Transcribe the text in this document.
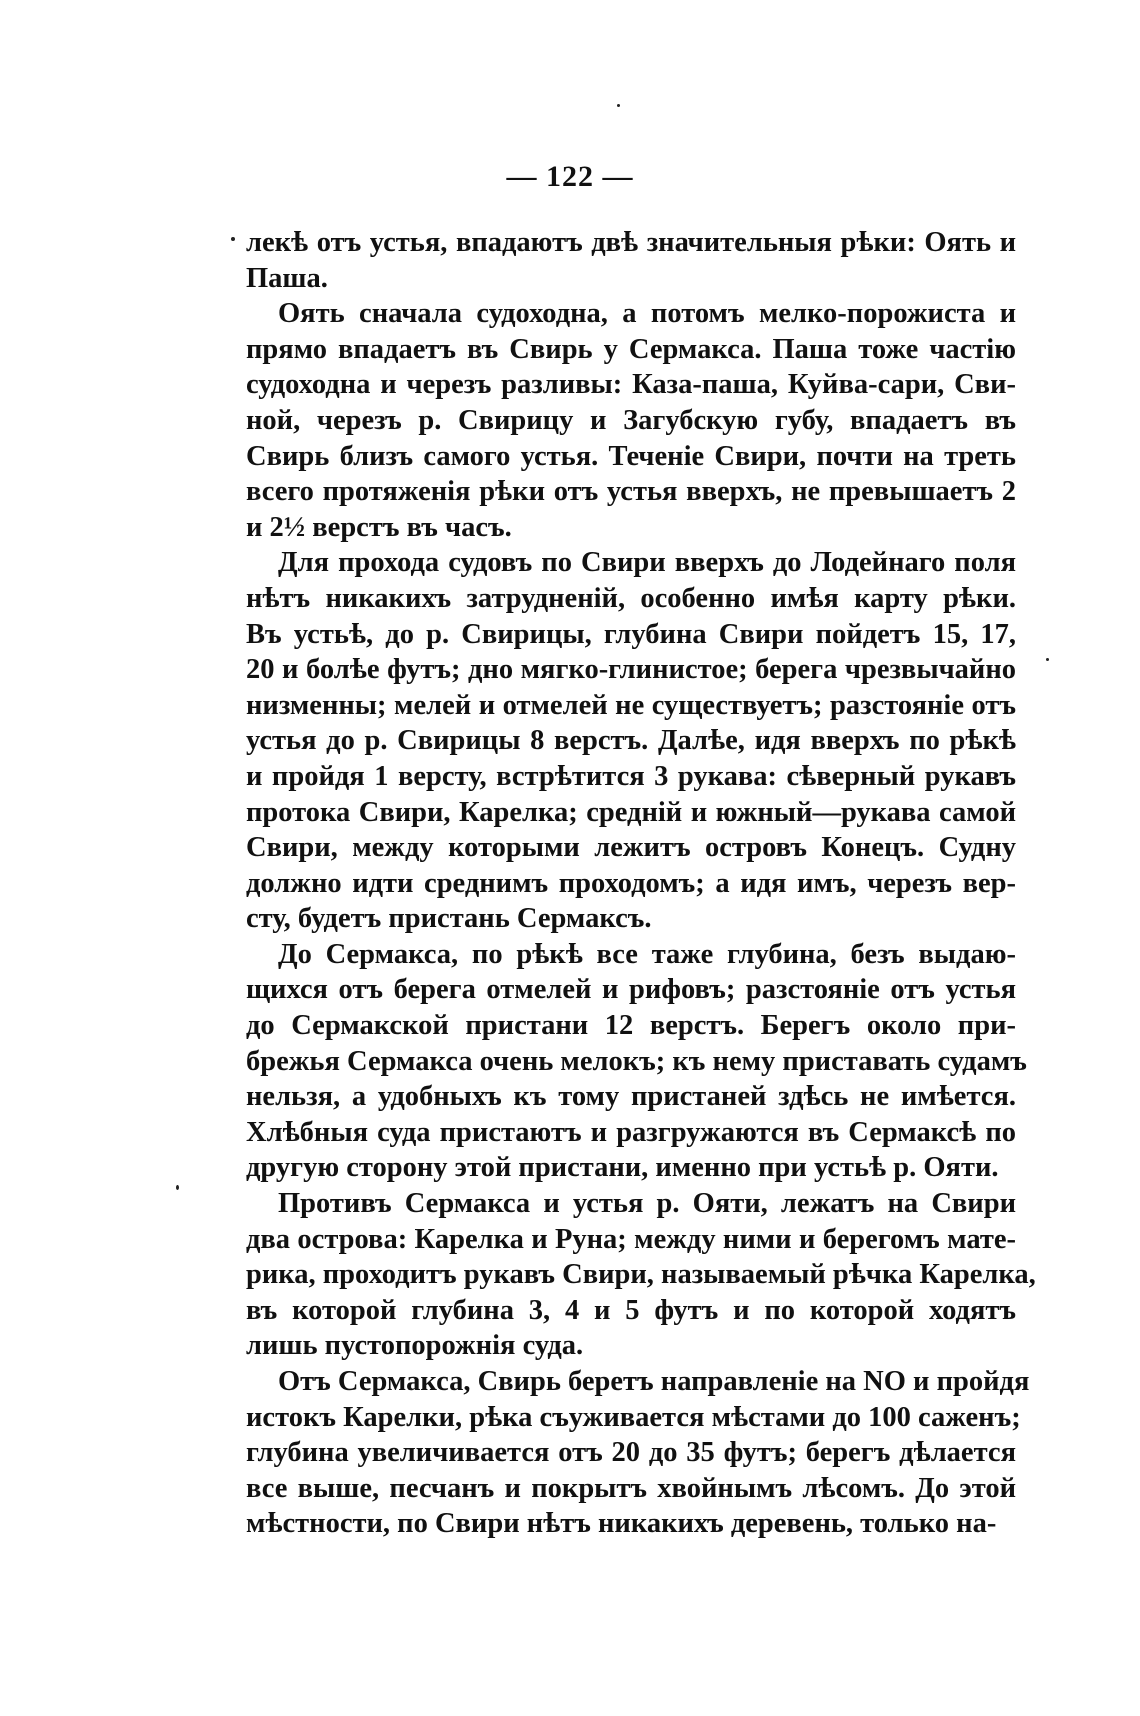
— 122 —
лекѣ отъ устья, впадаютъ двѣ значительныя рѣки: Оять и
Паша.
Оять сначала судоходна, а потомъ мелко-порожиста и
прямо впадаетъ въ Свирь у Сермакса. Паша тоже частію
судоходна и черезъ разливы: Каза-паша, Куйва-сари, Сви-
ной, черезъ р. Свирицу и Загубскую губу, впадаетъ въ
Свирь близъ самого устья. Теченіе Свири, почти на треть
всего протяженія рѣки отъ устья вверхъ, не превышаетъ 2
и 2½ верстъ въ часъ.
Для прохода судовъ по Свири вверхъ до Лодейнаго поля
нѣтъ никакихъ затрудненій, особенно имѣя карту рѣки.
Въ устьѣ, до р. Свирицы, глубина Свири пойдетъ 15, 17,
20 и болѣе футъ; дно мягко-глинистое; берега чрезвычайно
низменны; мелей и отмелей не существуетъ; разстояніе отъ
устья до р. Свирицы 8 верстъ. Далѣе, идя вверхъ по рѣкѣ
и пройдя 1 версту, встрѣтится 3 рукава: сѣверный рукавъ
протока Свири, Карелка; средній и южный—рукава самой
Свири, между которыми лежитъ островъ Конецъ. Судну
должно идти среднимъ проходомъ; а идя имъ, черезъ вер-
сту, будетъ пристань Сермаксъ.
До Сермакса, по рѣкѣ все таже глубина, безъ выдаю-
щихся отъ берега отмелей и рифовъ; разстояніе отъ устья
до Сермакской пристани 12 верстъ. Берегъ около при-
брежья Сермакса очень мелокъ; къ нему приставать судамъ
нельзя, а удобныхъ къ тому пристаней здѣсь не имѣется.
Хлѣбныя суда пристаютъ и разгружаются въ Сермаксѣ по
другую сторону этой пристани, именно при устьѣ р. Ояти.
Противъ Сермакса и устья р. Ояти, лежатъ на Свири
два острова: Карелка и Руна; между ними и берегомъ мате-
рика, проходитъ рукавъ Свири, называемый рѣчка Карелка,
въ которой глубина 3, 4 и 5 футъ и по которой ходятъ
лишь пустопорожнія суда.
Отъ Сермакса, Свирь беретъ направленіе на NO и пройдя
истокъ Карелки, рѣка съуживается мѣстами до 100 саженъ;
глубина увеличивается отъ 20 до 35 футъ; берегъ дѣлается
все выше, песчанъ и покрытъ хвойнымъ лѣсомъ. До этой
мѣстности, по Свири нѣтъ никакихъ деревень, только на-
